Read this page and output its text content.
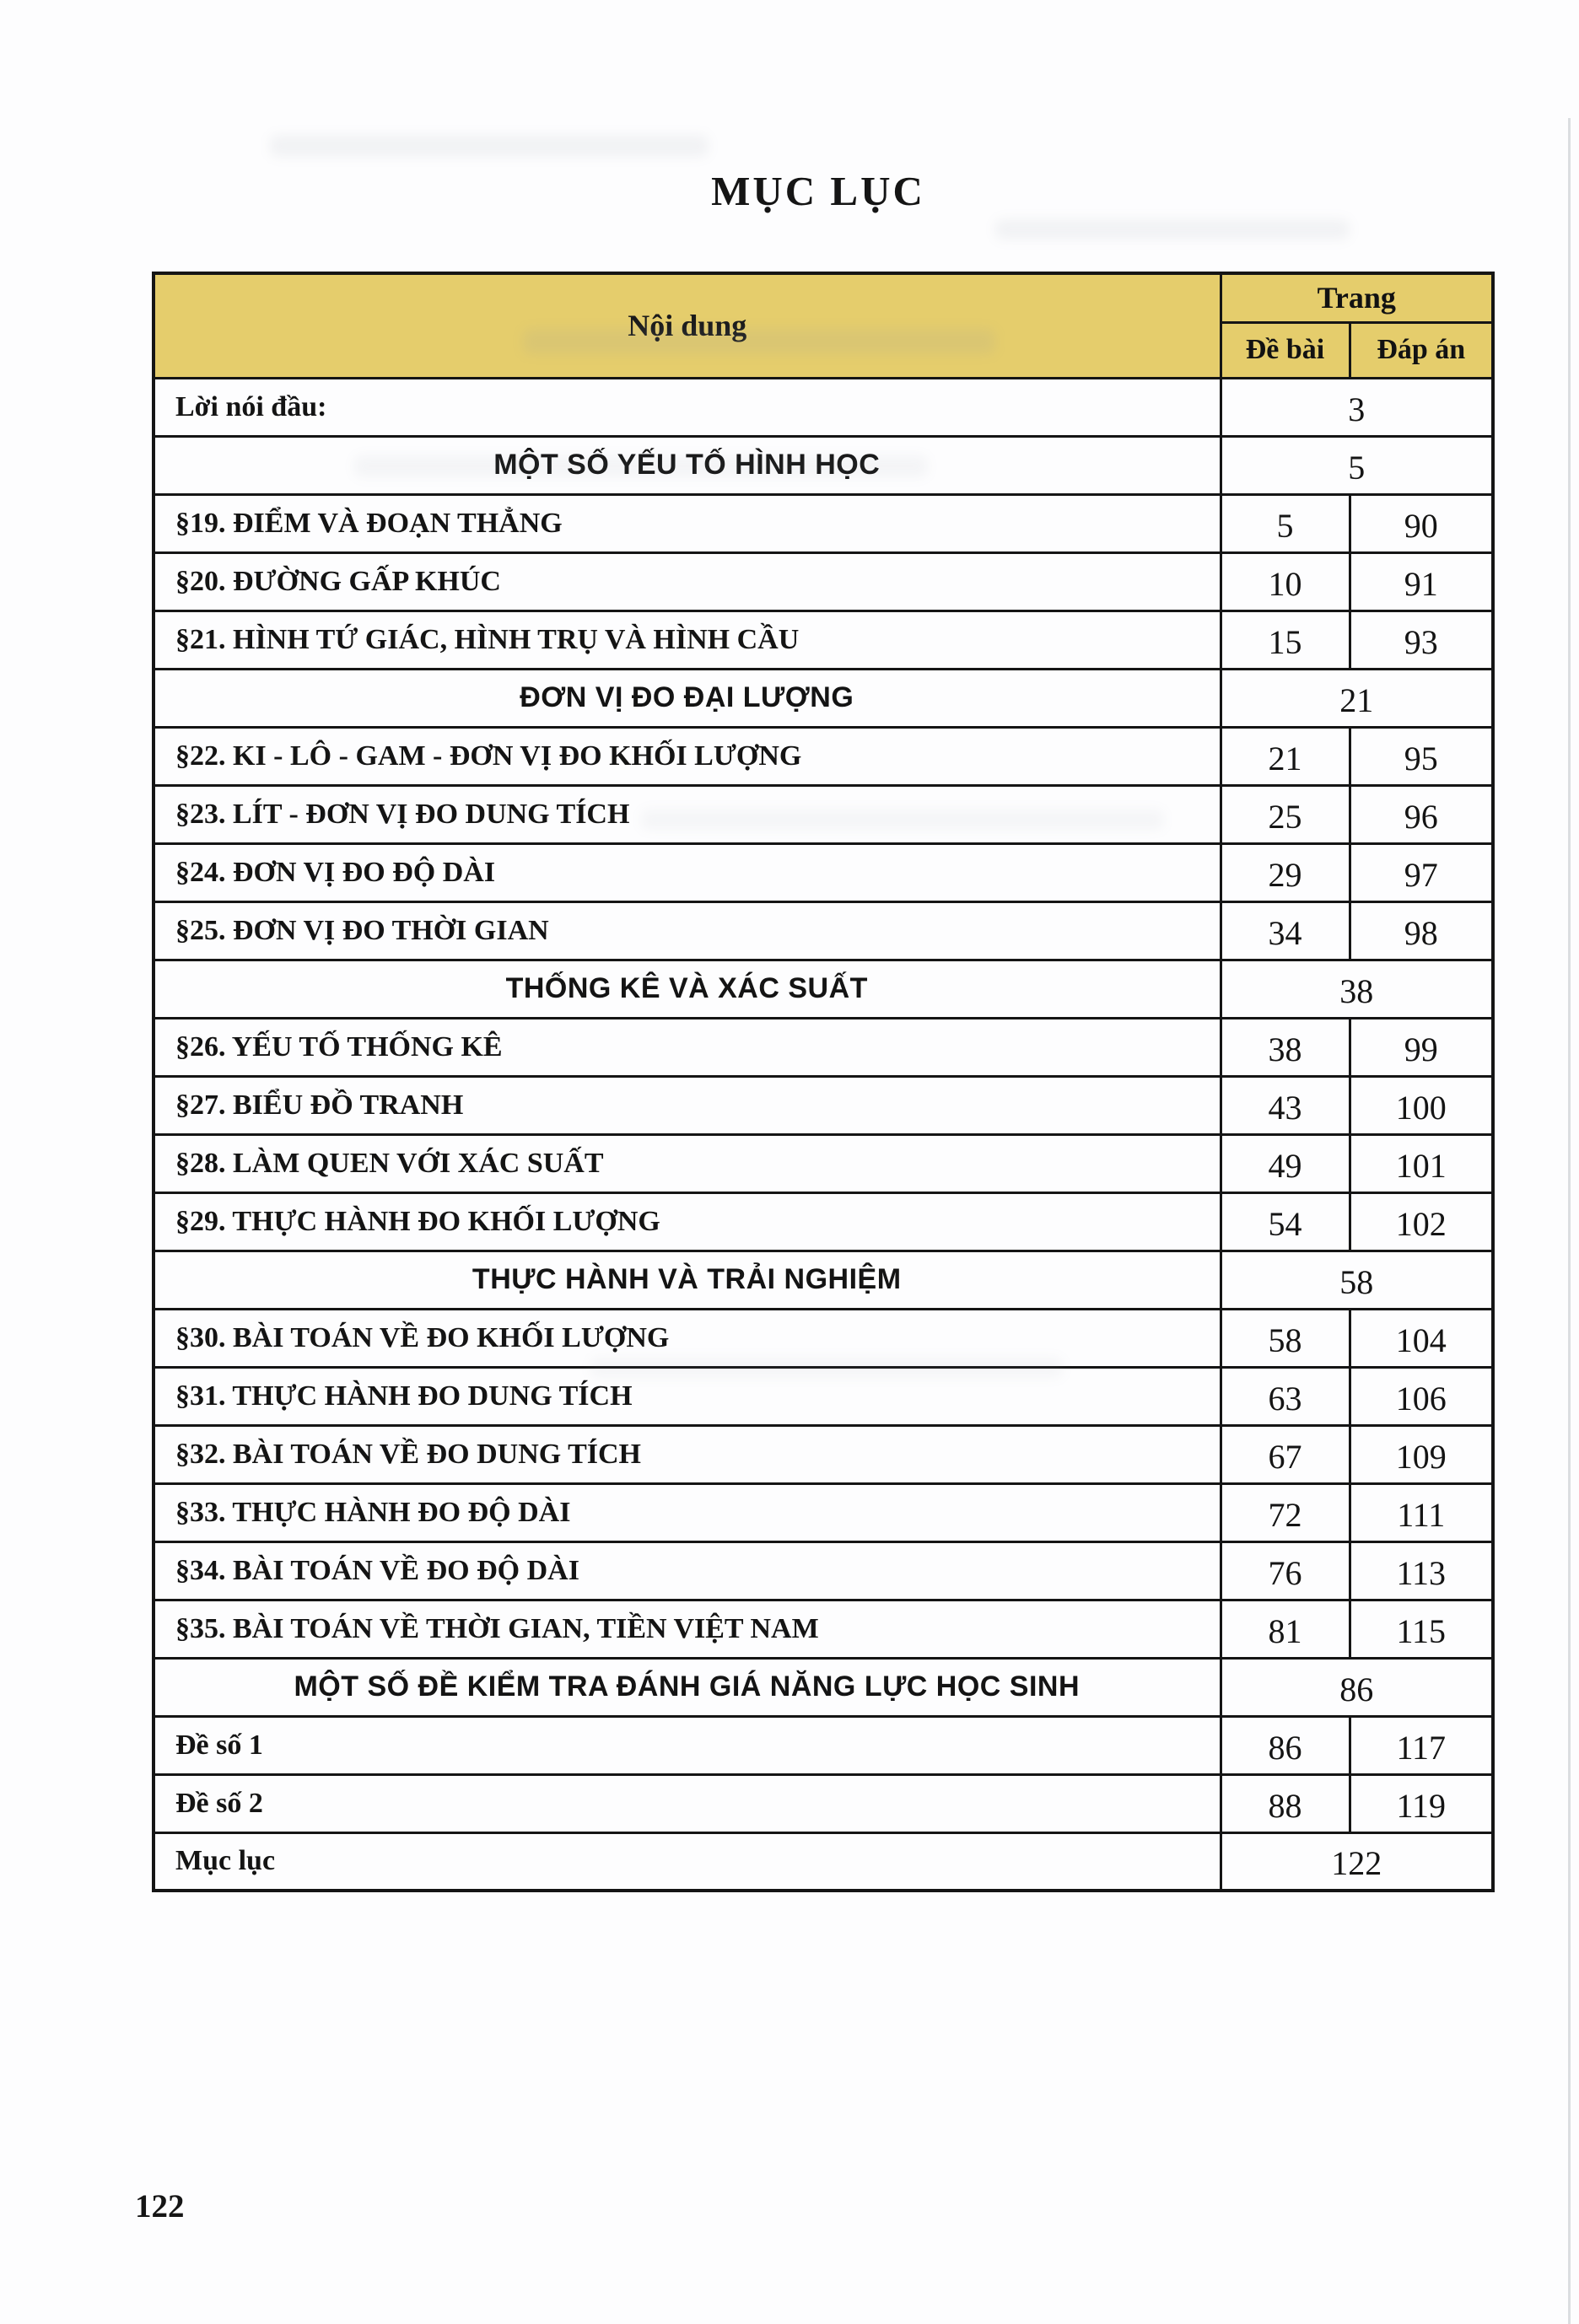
MỤC LỤC
Nội dung	Trang	
	Đề bài	Đáp án
Lời nói đầu:	3	
MỘT SỐ YẾU TỐ HÌNH HỌC	5	
§19. ĐIỂM VÀ ĐOẠN THẲNG	5	90
§20. ĐƯỜNG GẤP KHÚC	10	91
§21. HÌNH TỨ GIÁC, HÌNH TRỤ VÀ HÌNH CẦU	15	93
ĐƠN VỊ ĐO ĐẠI LƯỢNG	21	
§22. KI - LÔ - GAM - ĐƠN VỊ ĐO KHỐI LƯỢNG	21	95
§23. LÍT - ĐƠN VỊ ĐO DUNG TÍCH	25	96
§24. ĐƠN VỊ ĐO ĐỘ DÀI	29	97
§25. ĐƠN VỊ ĐO THỜI GIAN	34	98
THỐNG KÊ VÀ XÁC SUẤT	38	
§26. YẾU TỐ THỐNG KÊ	38	99
§27. BIỂU ĐỒ TRANH	43	100
§28. LÀM QUEN VỚI XÁC SUẤT	49	101
§29. THỰC HÀNH ĐO KHỐI LƯỢNG	54	102
THỰC HÀNH VÀ TRẢI NGHIỆM	58	
§30. BÀI TOÁN VỀ ĐO KHỐI LƯỢNG	58	104
§31. THỰC HÀNH ĐO DUNG TÍCH	63	106
§32. BÀI TOÁN VỀ ĐO DUNG TÍCH	67	109
§33. THỰC HÀNH ĐO ĐỘ DÀI	72	111
§34. BÀI TOÁN VỀ ĐO ĐỘ DÀI	76	113
§35. BÀI TOÁN VỀ THỜI GIAN, TIỀN VIỆT NAM	81	115
MỘT SỐ ĐỀ KIỂM TRA ĐÁNH GIÁ NĂNG LỰC HỌC SINH	86	
Đề số 1	86	117
Đề số 2	88	119
Mục lục	122	
122
